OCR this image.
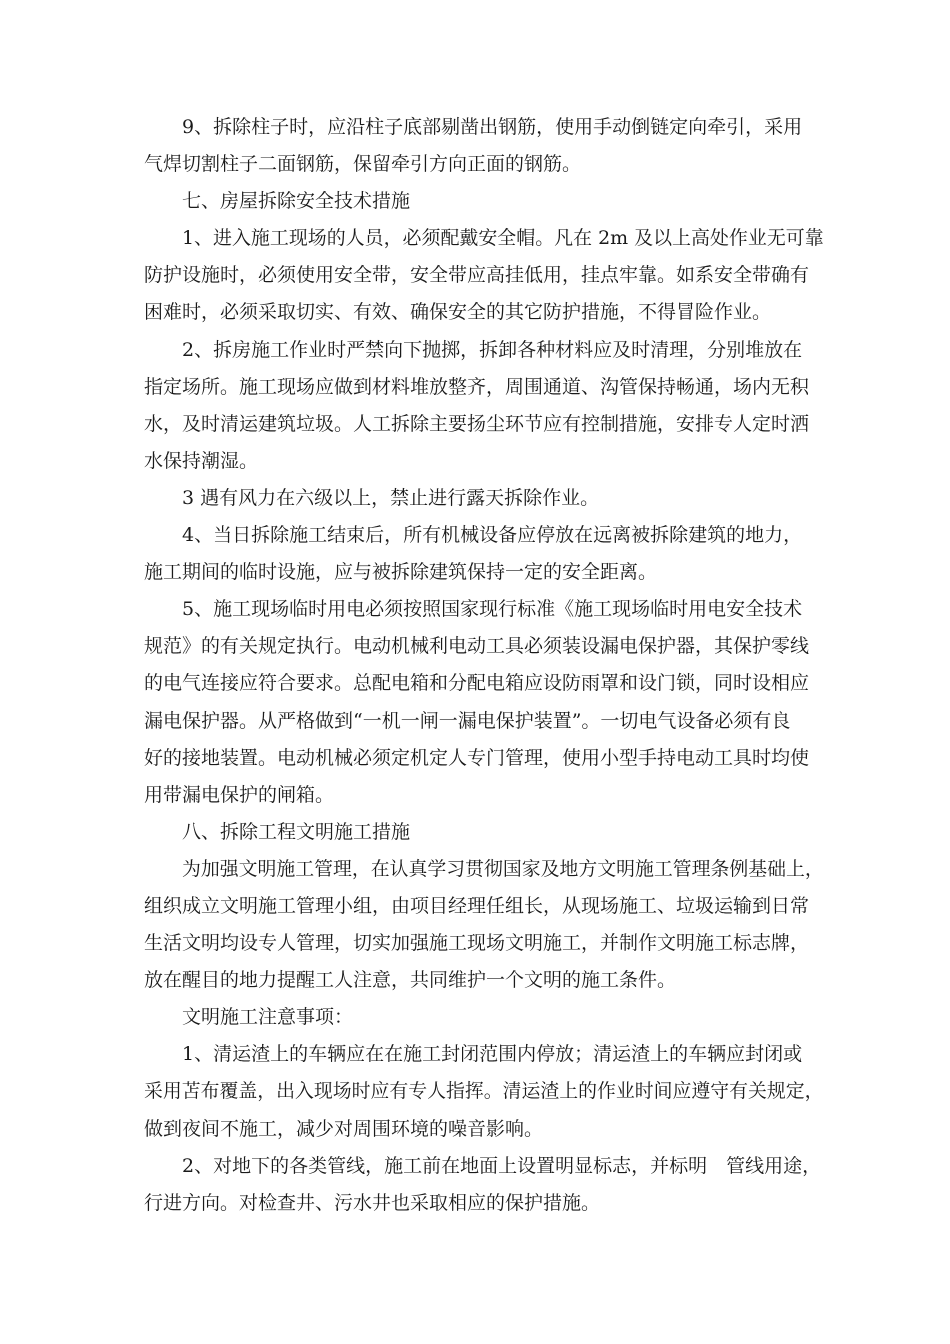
9、拆除柱子时，应沿柱子底部剔凿出钢筋，使用手动倒链定向牵引，采用
气焊切割柱子二面钢筋，保留牵引方向正面的钢筋。
七、房屋拆除安全技术措施
1、进入施工现场的人员，必须配戴安全帽。凡在 2m 及以上高处作业无可靠
防护设施时，必须使用安全带，安全带应高挂低用，挂点牢靠。如系安全带确有
困难时，必须采取切实、有效、确保安全的其它防护措施，不得冒险作业。
2、拆房施工作业时严禁向下抛掷，拆卸各种材料应及时清理，分别堆放在
指定场所。施工现场应做到材料堆放整齐，周围通道、沟管保持畅通，场内无积
水，及时清运建筑垃圾。人工拆除主要扬尘环节应有控制措施，安排专人定时洒
水保持潮湿。
3 遇有风力在六级以上，禁止进行露天拆除作业。
4、当日拆除施工结束后，所有机械设备应停放在远离被拆除建筑的地力，
施工期间的临时设施，应与被拆除建筑保持一定的安全距离。
5、施工现场临时用电必须按照国家现行标准《施工现场临时用电安全技术
规范》的有关规定执行。电动机械利电动工具必须装设漏电保护器，其保护零线
的电气连接应符合要求。总配电箱和分配电箱应设防雨罩和设门锁，同时设相应
漏电保护器。从严格做到“一机一闸一漏电保护装置”。一切电气设备必须有良
好的接地装置。电动机械必须定机定人专门管理，使用小型手持电动工具时均使
用带漏电保护的闸箱。
八、拆除工程文明施工措施
为加强文明施工管理，在认真学习贯彻国家及地方文明施工管理条例基础上，
组织成立文明施工管理小组，由项目经理任组长，从现场施工、垃圾运输到日常
生活文明均设专人管理，切实加强施工现场文明施工，并制作文明施工标志牌，
放在醒目的地力提醒工人注意，共同维护一个文明的施工条件。
文明施工注意事项：
1、清运渣上的车辆应在在施工封闭范围内停放；清运渣上的车辆应封闭或
采用苫布覆盖，出入现场时应有专人指挥。清运渣上的作业时间应遵守有关规定，
做到夜间不施工，减少对周围环境的噪音影响。
2、对地下的各类管线，施工前在地面上设置明显标志，并标明　管线用途，
行进方向。对检查井、污水井也采取相应的保护措施。
